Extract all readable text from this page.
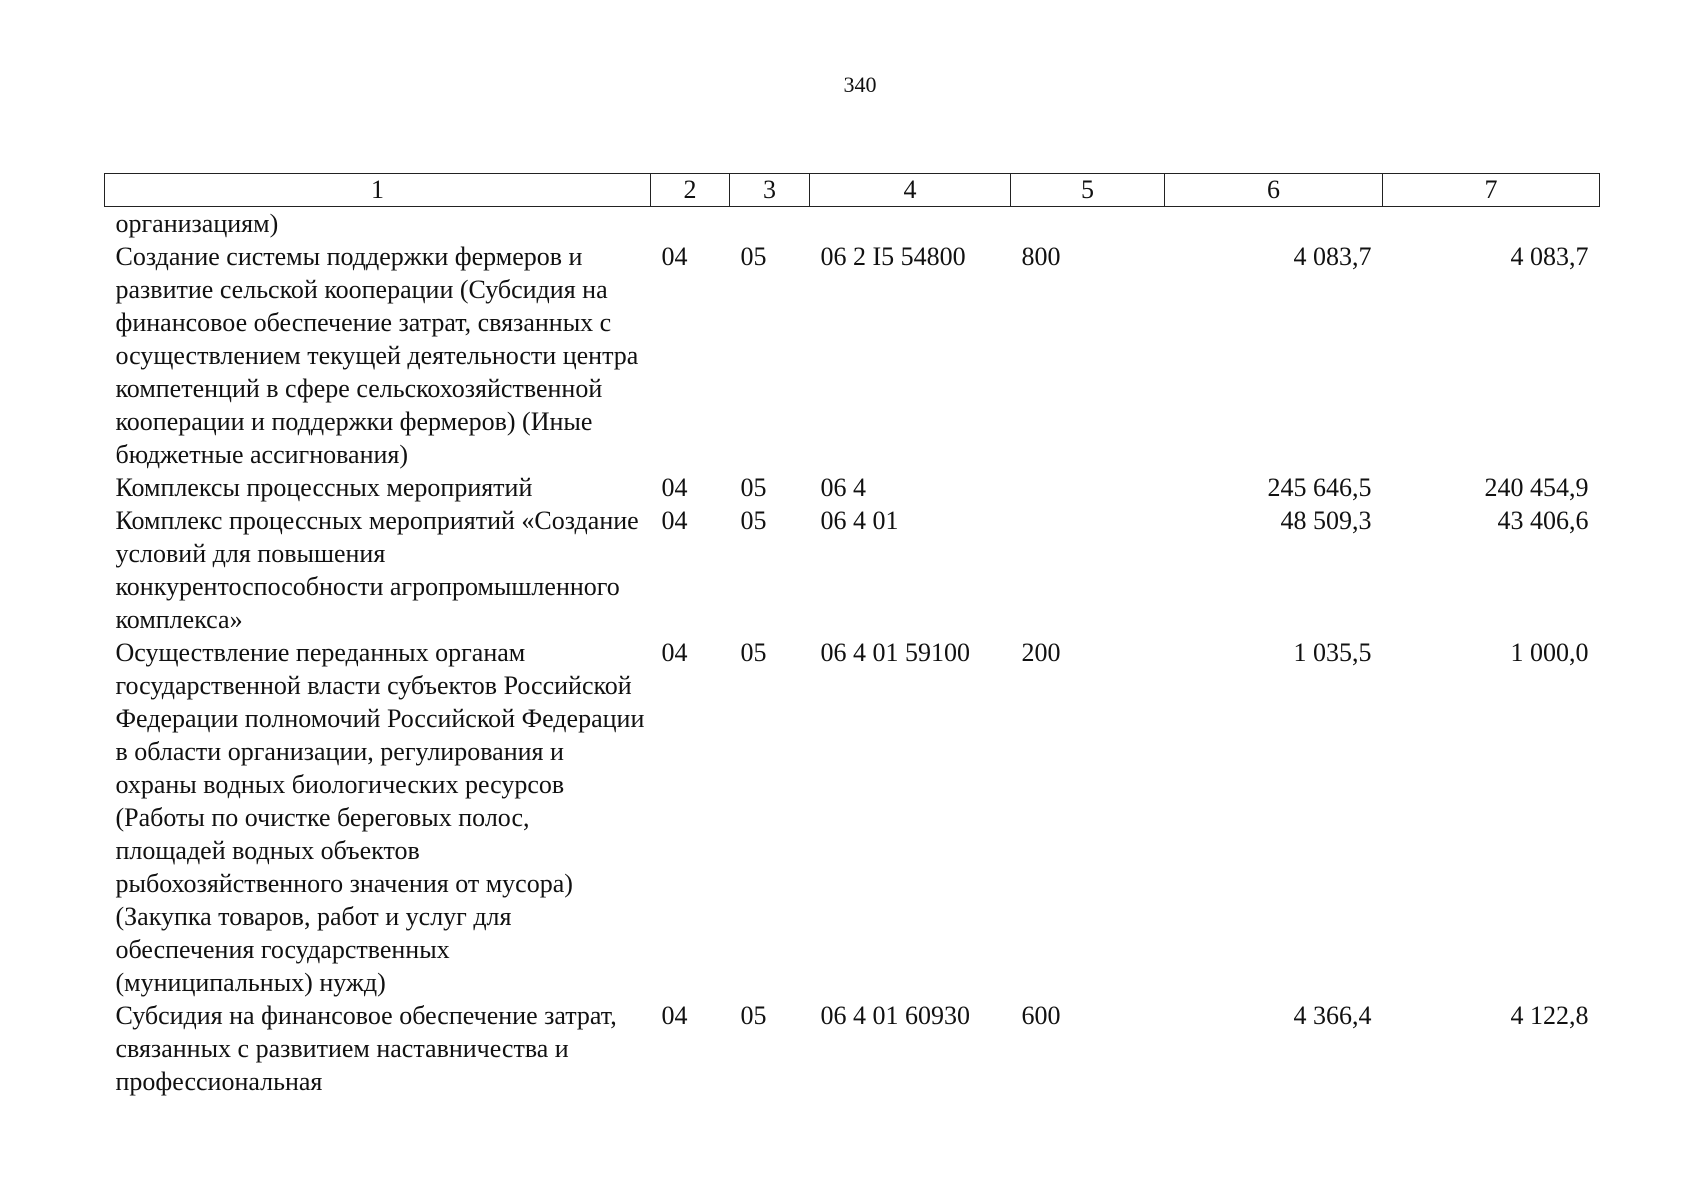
340
1	2	3	4	5	6	7
организациям)						
Создание системы поддержки фермеров и развитие сельской кооперации (Субсидия на финансовое обеспечение затрат, связанных с осуществлением текущей деятельности центра компетенций в сфере сельскохозяйственной кооперации и поддержки фермеров) (Иные бюджетные ассигнования)	04	05	06 2 I5 54800	800	4 083,7	4 083,7
Комплексы процессных мероприятий	04	05	06 4		245 646,5	240 454,9
Комплекс процессных мероприятий «Создание условий для повышения конкурентоспособности агропромышленного комплекса»	04	05	06 4 01		48 509,3	43 406,6
Осуществление переданных органам государственной власти субъектов Российской Федерации полномочий Российской Федерации в области организации, регулирования и охраны водных биологических ресурсов (Работы по очистке береговых полос, площадей водных объектов рыбохозяйственного значения от мусора) (Закупка товаров, работ и услуг для обеспечения государственных (муниципальных) нужд)	04	05	06 4 01 59100	200	1 035,5	1 000,0
Субсидия на финансовое обеспечение затрат, связанных с развитием наставничества и профессиональная	04	05	06 4 01 60930	600	4 366,4	4 122,8
